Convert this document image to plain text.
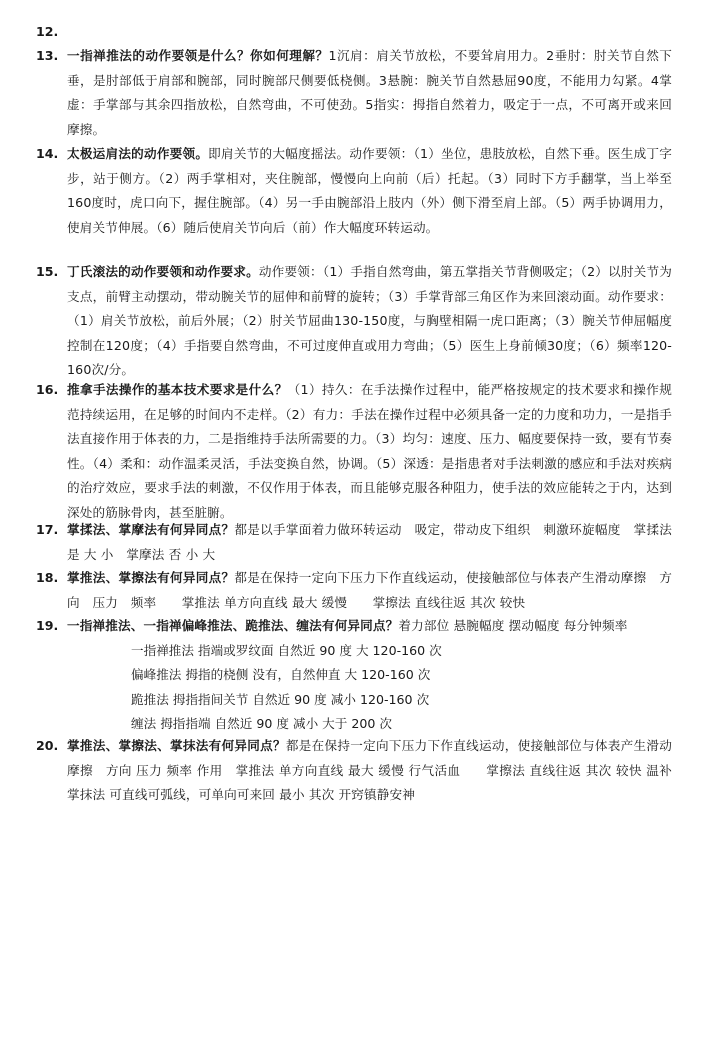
12.
13. 一指禅推法的动作要领是什么？你如何理解？1沉肩：肩关节放松，不要耸肩用力。2垂肘：肘关节自然下垂，是肘部低于肩部和腕部，同时腕部尺侧要低桡侧。3悬腕：腕关节自然悬屈90度，不能用力勾紧。4掌虚：手掌部与其余四指放松，自然弯曲，不可使劲。5指实：拇指自然着力，吸定于一点，不可离开或来回摩擦。
14. 太极运肩法的动作要领。即肩关节的大幅度摇法。动作要领：（1）坐位，患肢放松，自然下垂。医生成丁字步，站于侧方。（2）两手掌相对，夹住腕部，慢慢向上向前（后）托起。（3）同时下方手翻掌，当上举至160度时，虎口向下，握住腕部。（4）另一手由腕部沿上肢内（外）侧下滑至肩上部。（5）两手协调用力，使肩关节伸展。（6）随后使肩关节向后（前）作大幅度环转运动。
15. 丁氏滚法的动作要领和动作要求。动作要领：（1）手指自然弯曲，第五掌指关节背侧吸定；（2）以肘关节为支点，前臂主动摆动，带动腕关节的屈伸和前臂的旋转；（3）手掌背部三角区作为来回滚动面。动作要求：（1）肩关节放松，前后外展；（2）肘关节屈曲130-150度，与胸壁相隔一虎口距离；（3）腕关节伸屈幅度控制在120度；（4）手指要自然弯曲，不可过度伸直或用力弯曲；（5）医生上身前倾30度；（6）频率120-160次/分。
16. 推拿手法操作的基本技术要求是什么？（1）持久：在手法操作过程中，能严格按规定的技术要求和操作规范持续运用，在足够的时间内不走样。（2）有力：手法在操作过程中必须具备一定的力度和功力，一是指手法直接作用于体表的力，二是指维持手法所需要的力。（3）均匀：速度、压力、幅度要保持一致，要有节奏性。（4）柔和：动作温柔灵活，手法变换自然，协调。（5）深透：是指患者对手法刺激的感应和手法对疾病的治疗效应，要求手法的刺激，不仅作用于体表，而且能够克服各种阻力，使手法的效应能转之于内，达到深处的筋脉骨肉，甚至脏腑。
17. 掌揉法、掌摩法有何异同点？都是以手掌面着力做环转运动　吸定，带动皮下组织　刺激环旋幅度　掌揉法 是 大 小　掌摩法 否 小 大
18. 掌推法、掌擦法有何异同点？都是在保持一定向下压力下作直线运动，使接触部位与体表产生滑动摩擦　方向　压力　频率　　掌推法 单方向直线 最大 缓慢　　掌擦法 直线往返 其次 较快
19. 一指禅推法、一指禅偏峰推法、跪推法、缠法有何异同点？着力部位 悬腕幅度 摆动幅度 每分钟频率
一指禅推法 指端或罗纹面 自然近 90 度 大 120-160 次
偏峰推法 拇指的桡侧 没有，自然伸直 大 120-160 次
跪推法 拇指指间关节 自然近 90 度 减小 120-160 次
缠法 拇指指端 自然近 90 度 减小 大于 200 次
20. 掌推法、掌擦法、掌抹法有何异同点？都是在保持一定向下压力下作直线运动，使接触部位与体表产生滑动摩擦　方向 压力 频率 作用　掌推法 单方向直线 最大 缓慢 行气活血　　掌擦法 直线往返 其次 较快 温补　　掌抹法 可直线可弧线，可单向可来回 最小 其次 开窍镇静安神
